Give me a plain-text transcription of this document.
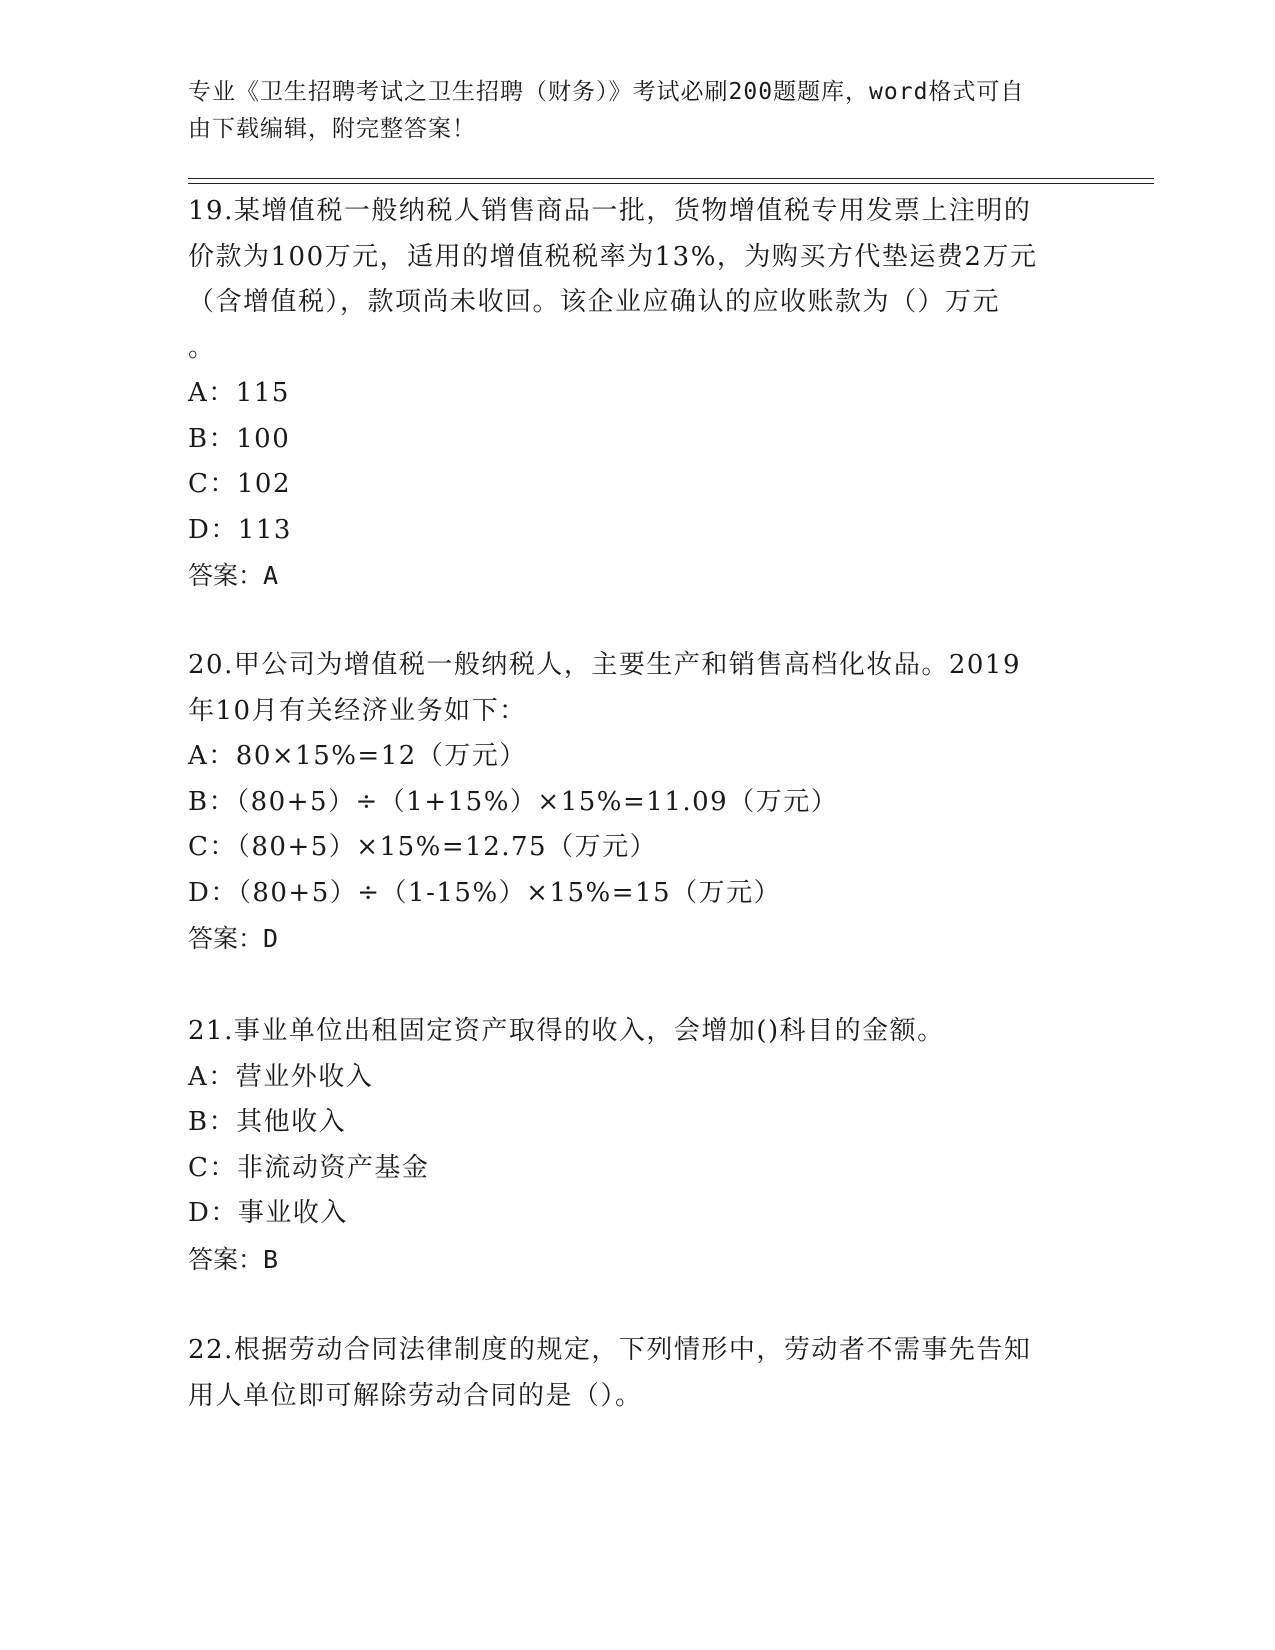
专业《卫生招聘考试之卫生招聘（财务）》考试必刷200题题库，word格式可自
由下载编辑，附完整答案！
19.某增值税一般纳税人销售商品一批，货物增值税专用发票上注明的
价款为100万元，适用的增值税税率为13%，为购买方代垫运费2万元
（含增值税），款项尚未收回。该企业应确认的应收账款为（）万元
。
A：115
B：100
C：102
D：113
答案：A
20.甲公司为增值税一般纳税人，主要生产和销售高档化妆品。2019
年10月有关经济业务如下：
A：80×15%=12（万元）
B：（80+5）÷（1+15%）×15%=11.09（万元）
C：（80+5）×15%=12.75（万元）
D：（80+5）÷（1-15%）×15%=15（万元）
答案：D
21.事业单位出租固定资产取得的收入，会增加()科目的金额。
A：营业外收入
B：其他收入
C：非流动资产基金
D：事业收入
答案：B
22.根据劳动合同法律制度的规定，下列情形中，劳动者不需事先告知
用人单位即可解除劳动合同的是（）。
